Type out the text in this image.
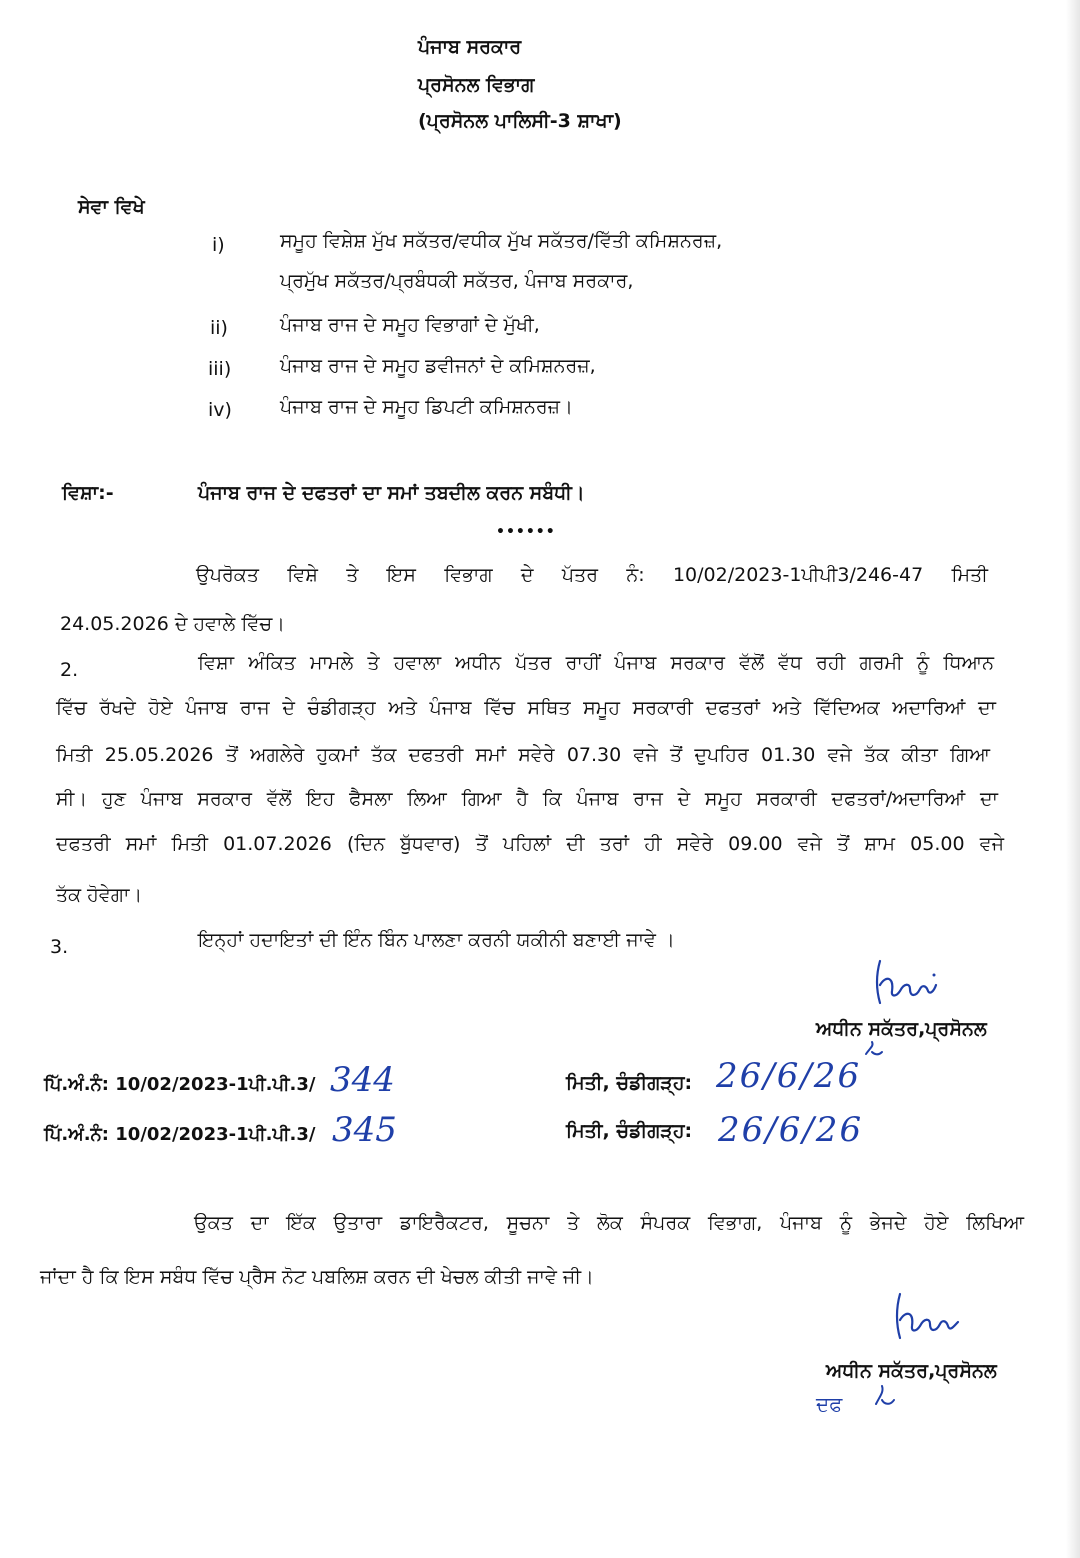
ਪੰਜਾਬ ਸਰਕਾਰ
ਪ੍ਰਸੋਨਲ ਵਿਭਾਗ
(ਪ੍ਰਸੋਨਲ ਪਾਲਿਸੀ-3 ਸ਼ਾਖਾ)
ਸੇਵਾ ਵਿਖੇ
i)	ਸਮੂਹ ਵਿਸ਼ੇਸ਼ ਮੁੱਖ ਸਕੱਤਰ/ਵਧੀਕ ਮੁੱਖ ਸਕੱਤਰ/ਵਿੱਤੀ ਕਮਿਸ਼ਨਰਜ਼,
ਪ੍ਰਮੁੱਖ ਸਕੱਤਰ/ਪ੍ਰਬੰਧਕੀ ਸਕੱਤਰ, ਪੰਜਾਬ ਸਰਕਾਰ,
ii)	ਪੰਜਾਬ ਰਾਜ ਦੇ ਸਮੂਹ ਵਿਭਾਗਾਂ ਦੇ ਮੁੱਖੀ,
iii)	ਪੰਜਾਬ ਰਾਜ ਦੇ ਸਮੂਹ ਡਵੀਜਨਾਂ ਦੇ ਕਮਿਸ਼ਨਰਜ਼,
iv)	ਪੰਜਾਬ ਰਾਜ ਦੇ ਸਮੂਹ ਡਿਪਟੀ ਕਮਿਸ਼ਨਰਜ਼।
ਵਿਸ਼ਾ:-	ਪੰਜਾਬ ਰਾਜ ਦੇ ਦਫਤਰਾਂ ਦਾ ਸਮਾਂ ਤਬਦੀਲ ਕਰਨ ਸਬੰਧੀ।
••••••
ਉਪਰੋਕਤ ਵਿਸ਼ੇ ਤੇ ਇਸ ਵਿਭਾਗ ਦੇ ਪੱਤਰ ਨੰ: 10/02/2023-1ਪੀਪੀ3/246-47 ਮਿਤੀ
24.05.2026 ਦੇ ਹਵਾਲੇ ਵਿੱਚ।
2.	ਵਿਸ਼ਾ ਅੰਕਿਤ ਮਾਮਲੇ ਤੇ ਹਵਾਲਾ ਅਧੀਨ ਪੱਤਰ ਰਾਹੀਂ ਪੰਜਾਬ ਸਰਕਾਰ ਵੱਲੋਂ ਵੱਧ ਰਹੀ ਗਰਮੀ ਨੂੰ ਧਿਆਨ
ਵਿੱਚ ਰੱਖਦੇ ਹੋਏ ਪੰਜਾਬ ਰਾਜ ਦੇ ਚੰਡੀਗੜ੍ਹ ਅਤੇ ਪੰਜਾਬ ਵਿੱਚ ਸਥਿਤ ਸਮੂਹ ਸਰਕਾਰੀ ਦਫਤਰਾਂ ਅਤੇ ਵਿੱਦਿਅਕ ਅਦਾਰਿਆਂ ਦਾ
ਮਿਤੀ 25.05.2026 ਤੋਂ ਅਗਲੇਰੇ ਹੁਕਮਾਂ ਤੱਕ ਦਫਤਰੀ ਸਮਾਂ ਸਵੇਰੇ 07.30 ਵਜੇ ਤੋਂ ਦੁਪਹਿਰ 01.30 ਵਜੇ ਤੱਕ ਕੀਤਾ ਗਿਆ
ਸੀ। ਹੁਣ ਪੰਜਾਬ ਸਰਕਾਰ ਵੱਲੋਂ ਇਹ ਫੈਸਲਾ ਲਿਆ ਗਿਆ ਹੈ ਕਿ ਪੰਜਾਬ ਰਾਜ ਦੇ ਸਮੂਹ ਸਰਕਾਰੀ ਦਫਤਰਾਂ/ਅਦਾਰਿਆਂ ਦਾ
ਦਫਤਰੀ ਸਮਾਂ ਮਿਤੀ 01.07.2026 (ਦਿਨ ਬੁੱਧਵਾਰ) ਤੋਂ ਪਹਿਲਾਂ ਦੀ ਤਰਾਂ ਹੀ ਸਵੇਰੇ 09.00 ਵਜੇ ਤੋਂ ਸ਼ਾਮ 05.00 ਵਜੇ
ਤੱਕ ਹੋਵੇਗਾ।
3.	ਇਨ੍ਹਾਂ ਹਦਾਇਤਾਂ ਦੀ ਇੰਨ ਬਿੰਨ ਪਾਲਣਾ ਕਰਨੀ ਯਕੀਨੀ ਬਣਾਈ ਜਾਵੇ ।
ਅਧੀਨ ਸਕੱਤਰ,ਪ੍ਰਸੋਨਲ
ਪਿੱ.ਅੰ.ਨੰ: 10/02/2023-1ਪੀ.ਪੀ.3/ 344	ਮਿਤੀ, ਚੰਡੀਗੜ੍ਹ: 26/6/26
ਪਿੱ.ਅੰ.ਨੰ: 10/02/2023-1ਪੀ.ਪੀ.3/ 345	ਮਿਤੀ, ਚੰਡੀਗੜ੍ਹ: 26/6/26
ਉਕਤ ਦਾ ਇੱਕ ਉਤਾਰਾ ਡਾਇਰੈਕਟਰ, ਸੂਚਨਾ ਤੇ ਲੋਕ ਸੰਪਰਕ ਵਿਭਾਗ, ਪੰਜਾਬ ਨੂੰ ਭੇਜਦੇ ਹੋਏ ਲਿਖਿਆ
ਜਾਂਦਾ ਹੈ ਕਿ ਇਸ ਸਬੰਧ ਵਿੱਚ ਪ੍ਰੈਸ ਨੋਟ ਪਬਲਿਸ਼ ਕਰਨ ਦੀ ਖੇਚਲ ਕੀਤੀ ਜਾਵੇ ਜੀ।
ਅਧੀਨ ਸਕੱਤਰ,ਪ੍ਰਸੋਨਲ
ਦਫ
